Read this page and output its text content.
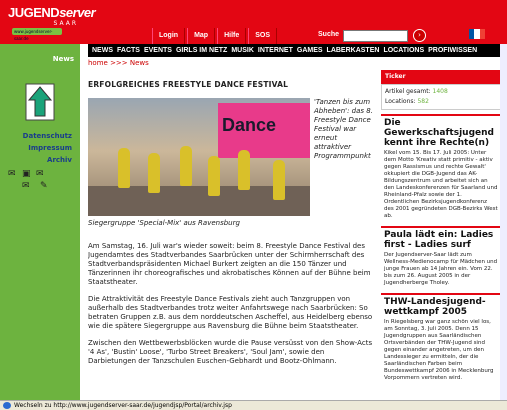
JUGENDserver
SAAR
www.jugendserver-saar.de	Login	Map	Hilfe	SOS	Suche	›
NEWS FACTS EVENTS GIRLS IM NETZ MUSIK INTERNET GAMES LABERKASTEN LOCATIONS PROFIWISSEN
News
Datenschutz
Impressum
Archiv
✉ ▣ ✉
✉ ✎
home >>> News
ERFOLGREICHES FREESTYLE DANCE FESTIVAL
Dance
'Tanzen bis zum Abheben': das 8. Freestyle Dance Festival war erneut attraktiver Programmpunkt
Siegergruppe 'Special-Mix' aus Ravensburg

Am Samstag, 16. Juli war's wieder soweit: beim 8. Freestyle Dance Festival des Jugendamtes des Stadtverbandes Saarbrücken unter der Schirmherrschaft des Stadtverbandspräsidenten Michael Burkert zeigten an die 150 Tänzer und Tänzerinnen ihr choreografisches und akrobatisches Können auf der Bühne beim Staatstheater.

Die Attraktivität des Freestyle Dance Festivals zieht auch Tanzgruppen von außerhalb des Stadtverbandes trotz weiter Anfahrtswege nach Saarbrücken: So betraten Gruppen z.B. aus dem norddeutschen Ascheffel, aus Heidelberg ebenso wie die spätere Siegergruppe aus Ravensburg die Bühne beim Staatstheater.

Zwischen den Wettbewerbsblöcken wurde die Pause versüsst von den Show-Acts '4 As', 'Bustin' Loose', 'Turbo Street Breakers', 'Soul Jam', sowie den Darbietungen der Tanzschulen Euschen-Gebhardt und Bootz-Ohlmann.

Ticker
Artikel gesamt: 1408
Locations: 582
Die Gewerkschaftsjugend kennt ihre Rechte(n)

Kikel vom 15. Bis 17. Juli 2005: Unter dem Motto 'Kreativ statt primitiv - aktiv gegen Rassismus und rechte Gewalt' okkupiert die DGB-Jugend das AK-Bildungszentrum und arbeitet sich an den Landeskonferenzen für Saarland und Rheinland-Pfalz sowie der 1. Ordentlichen Bezirksjugendkonferenz des 2001 gegründeten DGB-Bezirks West ab.

Paula lädt ein: Ladies first - Ladies surf

Der Jugendserver-Saar lädt zum Wellness-Medienocamp für Mädchen und junge Frauen ab 14 Jahren ein. Vom 22. bis zum 26. August 2005 in der Jugendherberge Tholey.

THW-Landesjugend-wettkampf 2005

In Riegelsberg war ganz schön viel los, am Sonntag, 3. Juli 2005. Denn 15 Jugendgruppen aus Saarländischen Ortsverbänden der THW-Jugend sind gegen einander angetreten, um den Landessieger zu ermitteln, der die Saarländischen Farben beim Bundeswettkampf 2006 in Mecklenburg Vorpommern vertreten wird.

Wechseln zu http://www.jugendserver-saar.de/jugendjsp/Portal/archiv.jsp
